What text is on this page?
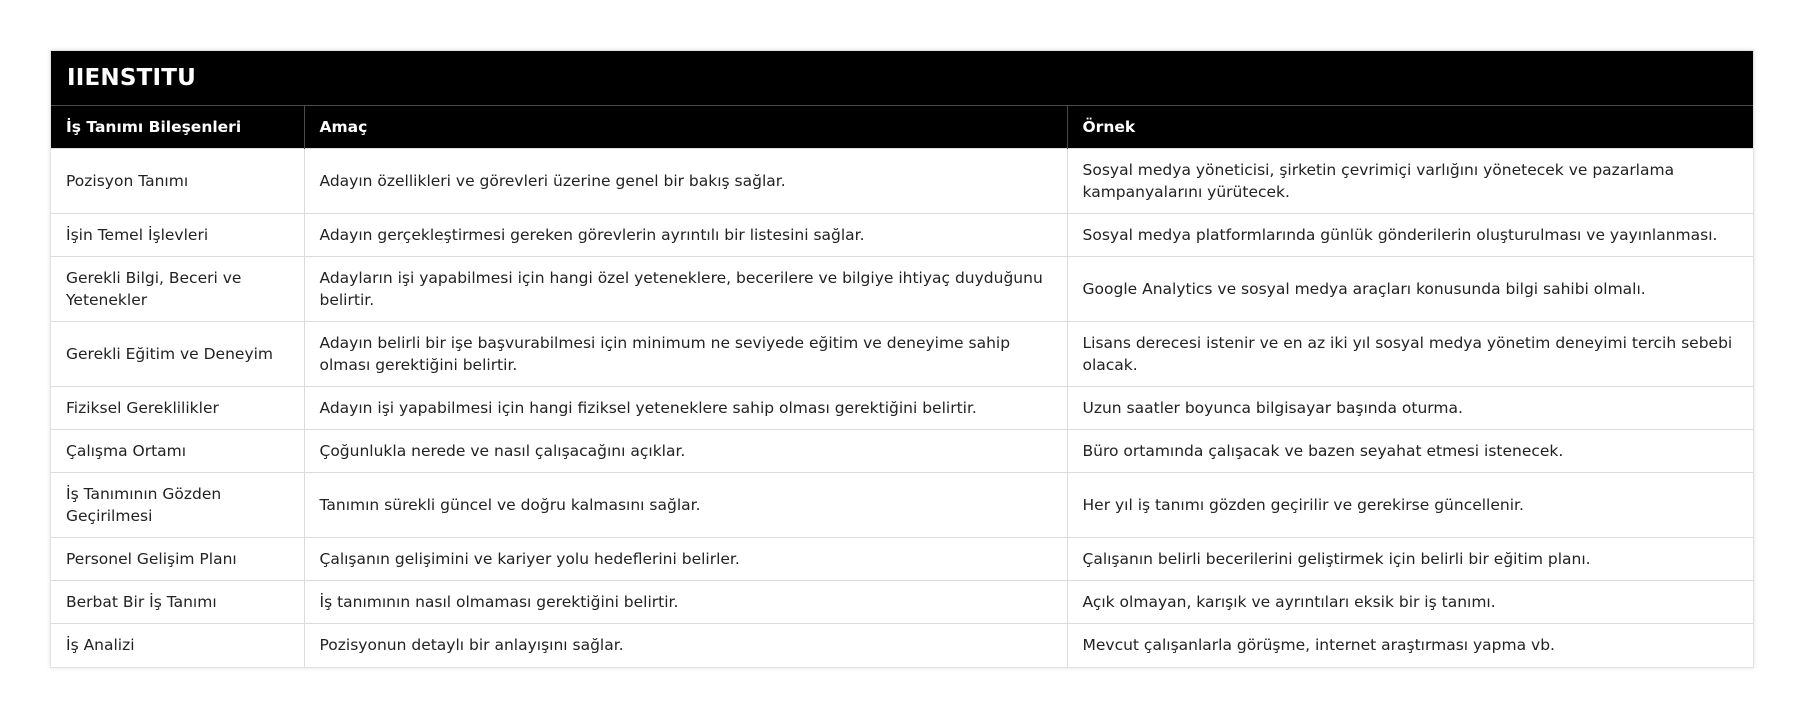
IIENSTITU
İş Tanımı Bileşenleri	Amaç	Örnek
Pozisyon Tanımı	Adayın özellikleri ve görevleri üzerine genel bir bakış sağlar.	Sosyal medya yöneticisi, şirketin çevrimiçi varlığını yönetecek ve pazarlama kampanyalarını yürütecek.
İşin Temel İşlevleri	Adayın gerçekleştirmesi gereken görevlerin ayrıntılı bir listesini sağlar.	Sosyal medya platformlarında günlük gönderilerin oluşturulması ve yayınlanması.
Gerekli Bilgi, Beceri ve Yetenekler	Adayların işi yapabilmesi için hangi özel yeteneklere, becerilere ve bilgiye ihtiyaç duyduğunu belirtir.	Google Analytics ve sosyal medya araçları konusunda bilgi sahibi olmalı.
Gerekli Eğitim ve Deneyim	Adayın belirli bir işe başvurabilmesi için minimum ne seviyede eğitim ve deneyime sahip olması gerektiğini belirtir.	Lisans derecesi istenir ve en az iki yıl sosyal medya yönetim deneyimi tercih sebebi olacak.
Fiziksel Gereklilikler	Adayın işi yapabilmesi için hangi fiziksel yeteneklere sahip olması gerektiğini belirtir.	Uzun saatler boyunca bilgisayar başında oturma.
Çalışma Ortamı	Çoğunlukla nerede ve nasıl çalışacağını açıklar.	Büro ortamında çalışacak ve bazen seyahat etmesi istenecek.
İş Tanımının Gözden Geçirilmesi	Tanımın sürekli güncel ve doğru kalmasını sağlar.	Her yıl iş tanımı gözden geçirilir ve gerekirse güncellenir.
Personel Gelişim Planı	Çalışanın gelişimini ve kariyer yolu hedeflerini belirler.	Çalışanın belirli becerilerini geliştirmek için belirli bir eğitim planı.
Berbat Bir İş Tanımı	İş tanımının nasıl olmaması gerektiğini belirtir.	Açık olmayan, karışık ve ayrıntıları eksik bir iş tanımı.
İş Analizi	Pozisyonun detaylı bir anlayışını sağlar.	Mevcut çalışanlarla görüşme, internet araştırması yapma vb.
